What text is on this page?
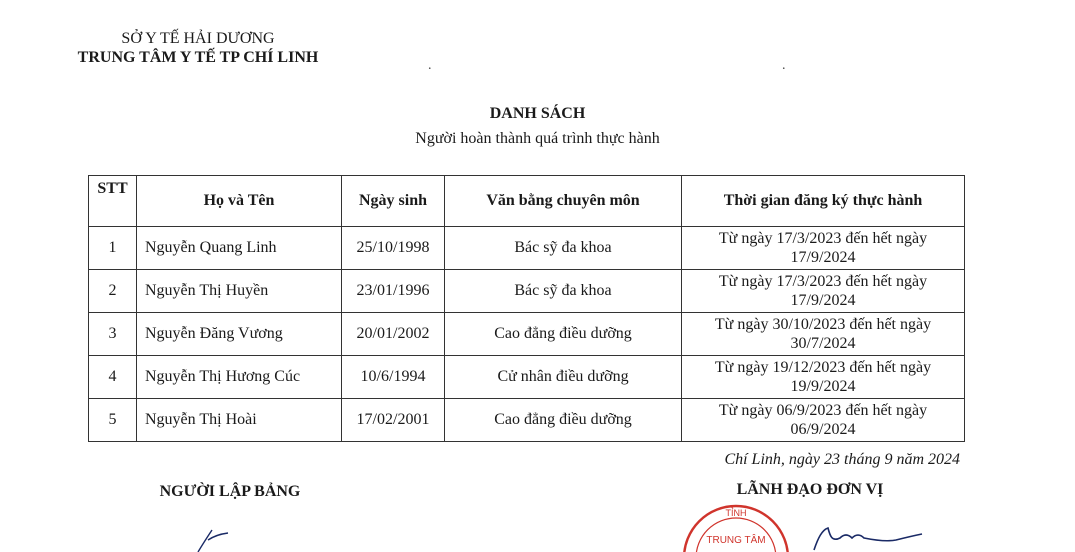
SỞ Y TẾ HẢI DƯƠNG
TRUNG TÂM Y TẾ TP CHÍ LINH	.	.
DANH SÁCH
Người hoàn thành quá trình thực hành
STT	Họ và Tên	Ngày sinh	Văn bằng chuyên môn	Thời gian đăng ký thực hành
1	Nguyễn Quang Linh	25/10/1998	Bác sỹ đa khoa	Từ ngày 17/3/2023 đến hết ngày
17/9/2024
2	Nguyễn Thị Huyền	23/01/1996	Bác sỹ đa khoa	Từ ngày 17/3/2023 đến hết ngày
17/9/2024
3	Nguyễn Đăng Vương	20/01/2002	Cao đẳng điều dưỡng	Từ ngày 30/10/2023 đến hết ngày
30/7/2024
4	Nguyễn Thị Hương Cúc	10/6/1994	Cử nhân điều dưỡng	Từ ngày 19/12/2023 đến hết ngày
19/9/2024
5	Nguyễn Thị Hoài	17/02/2001	Cao đẳng điều dưỡng	Từ ngày 06/9/2023 đến hết ngày
06/9/2024
Chí Linh, ngày 23 tháng 9 năm 2024
NGƯỜI LẬP BẢNG	LÃNH ĐẠO ĐƠN VỊ
TỈNH
TRUNG TÂM
